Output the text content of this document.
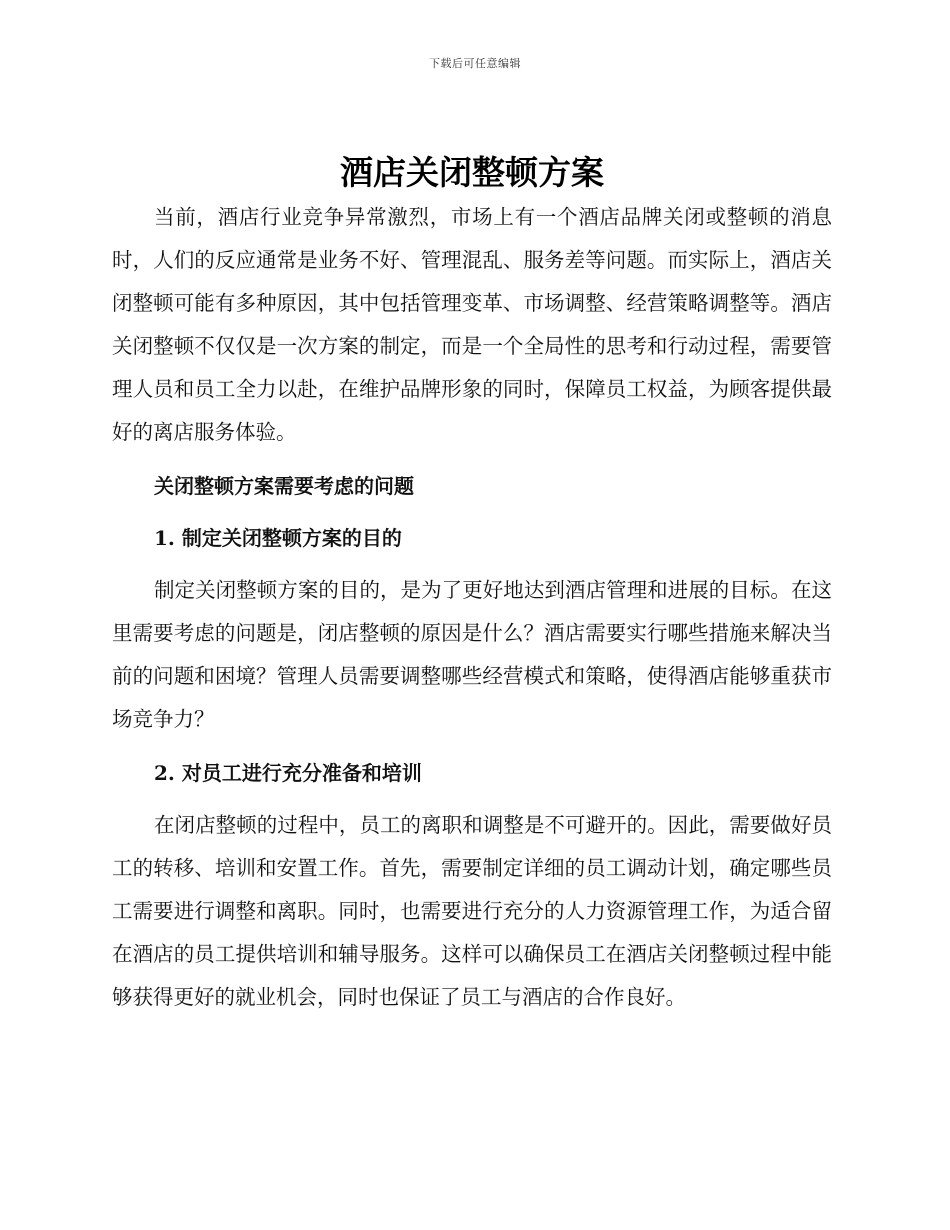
下载后可任意编辑
酒店关闭整顿方案

当前，酒店行业竞争异常激烈，市场上有一个酒店品牌关闭或整顿的消息时，人们的反应通常是业务不好、管理混乱、服务差等问题。而实际上，酒店关闭整顿可能有多种原因，其中包括管理变革、市场调整、经营策略调整等。酒店关闭整顿不仅仅是一次方案的制定，而是一个全局性的思考和行动过程，需要管理人员和员工全力以赴，在维护品牌形象的同时，保障员工权益，为顾客提供最好的离店服务体验。

关闭整顿方案需要考虑的问题

1. 制定关闭整顿方案的目的

制定关闭整顿方案的目的，是为了更好地达到酒店管理和进展的目标。在这里需要考虑的问题是，闭店整顿的原因是什么？酒店需要实行哪些措施来解决当前的问题和困境？管理人员需要调整哪些经营模式和策略，使得酒店能够重获市场竞争力？

2. 对员工进行充分准备和培训

在闭店整顿的过程中，员工的离职和调整是不可避开的。因此，需要做好员工的转移、培训和安置工作。首先，需要制定详细的员工调动计划，确定哪些员工需要进行调整和离职。同时，也需要进行充分的人力资源管理工作，为适合留在酒店的员工提供培训和辅导服务。这样可以确保员工在酒店关闭整顿过程中能够获得更好的就业机会，同时也保证了员工与酒店的合作良好。
